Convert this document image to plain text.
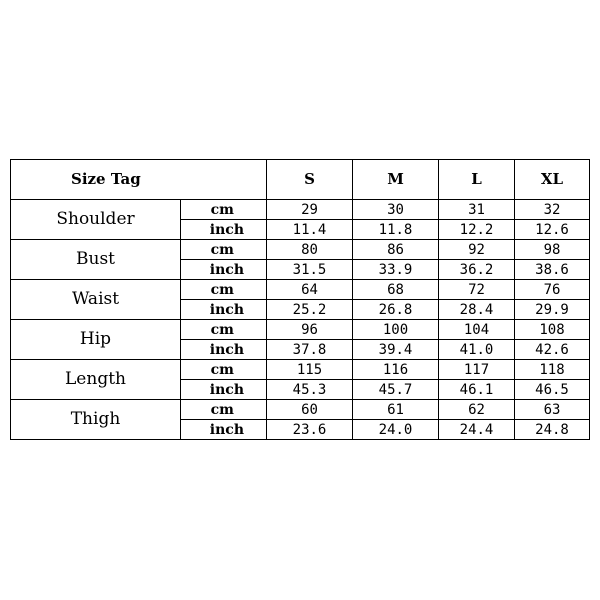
Size Tag		S	M	L	XL
Shoulder	cm	29	30	31	32
	inch	11.4	11.8	12.2	12.6
Bust	cm	80	86	92	98
	inch	31.5	33.9	36.2	38.6
Waist	cm	64	68	72	76
	inch	25.2	26.8	28.4	29.9
Hip	cm	96	100	104	108
	inch	37.8	39.4	41.0	42.6
Length	cm	115	116	117	118
	inch	45.3	45.7	46.1	46.5
Thigh	cm	60	61	62	63
	inch	23.6	24.0	24.4	24.8
